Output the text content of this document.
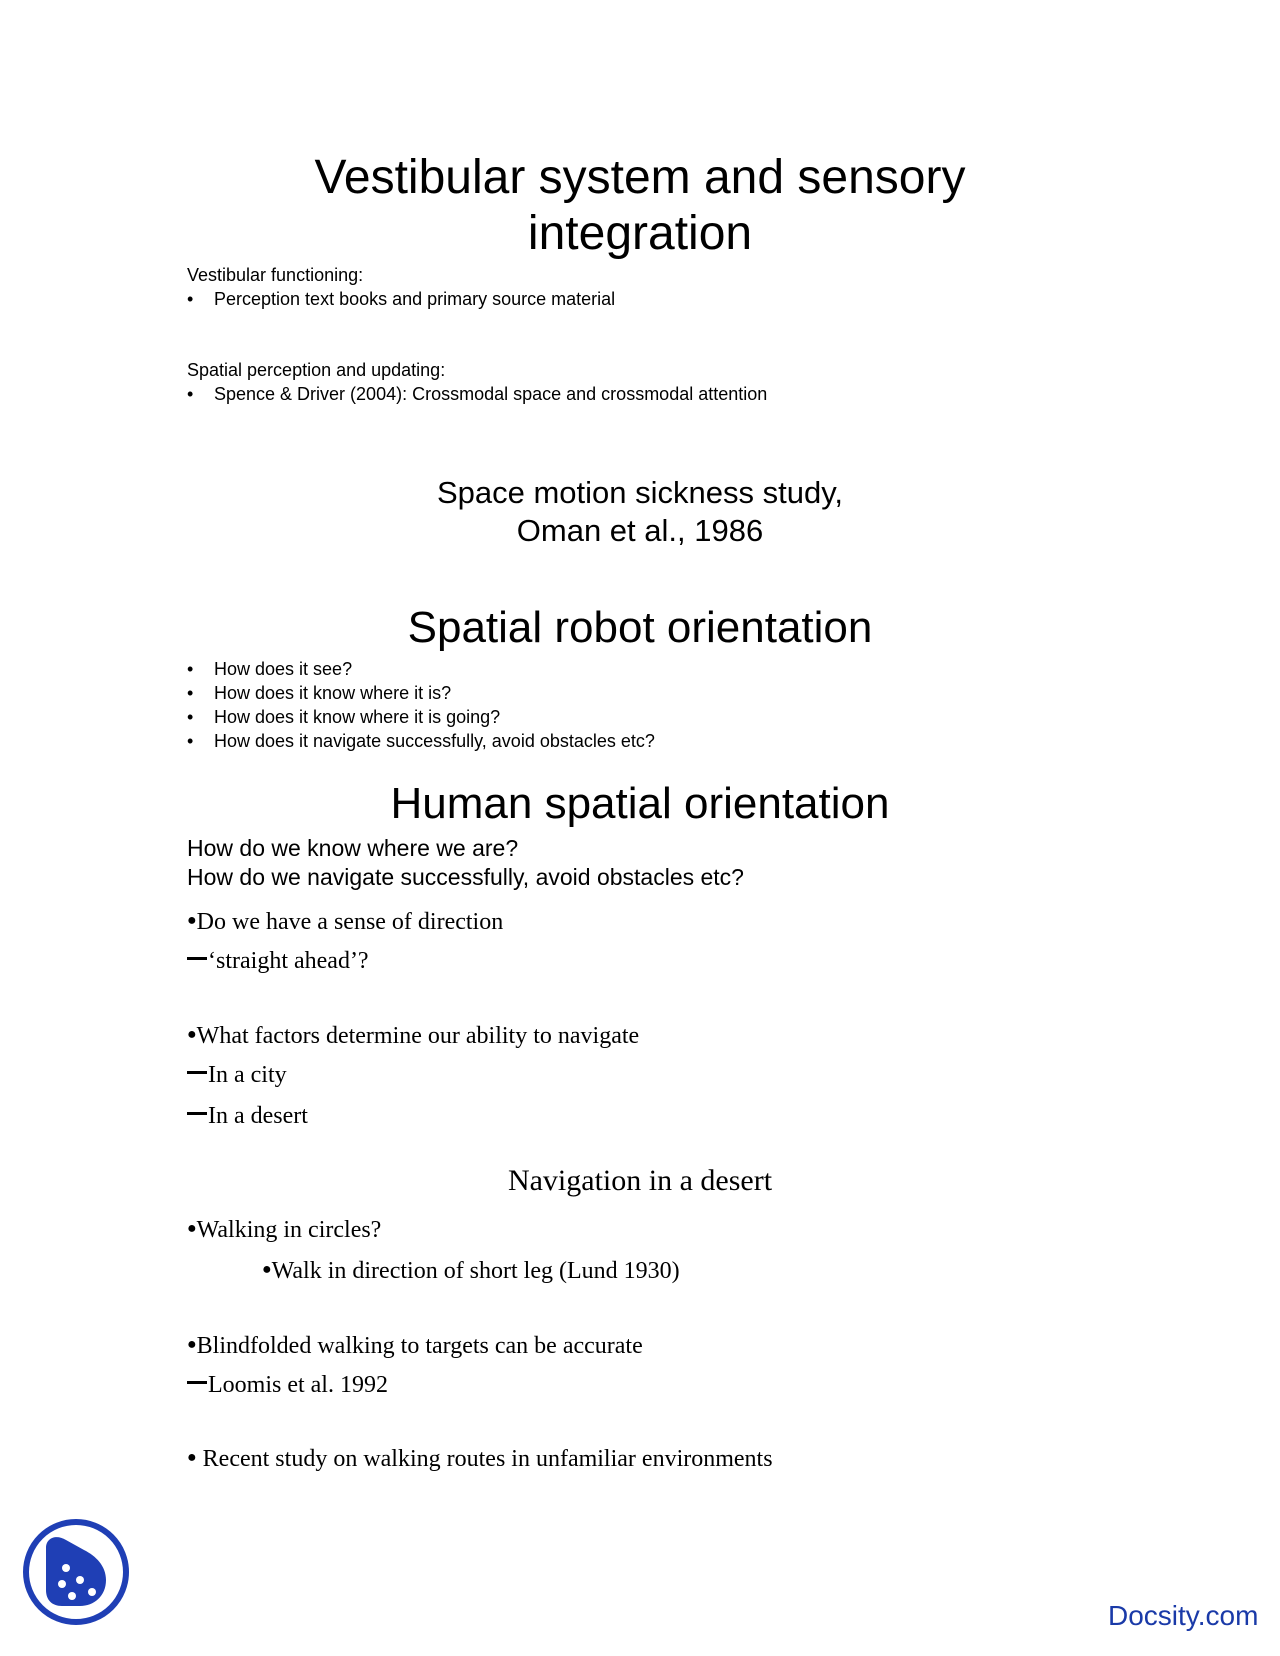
Vestibular system and sensory
integration
Vestibular functioning:
• Perception text books and primary source material
Spatial perception and updating:
• Spence & Driver (2004): Crossmodal space and crossmodal attention
Space motion sickness study,
Oman et al., 1986
Spatial robot orientation
• How does it see?
• How does it know where it is?
• How does it know where it is going?
• How does it navigate successfully, avoid obstacles etc?
Human spatial orientation
How do we know where we are?
How do we navigate successfully, avoid obstacles etc?
●Do we have a sense of direction
‘straight ahead’?
●What factors determine our ability to navigate
In a city
In a desert
Navigation in a desert
●Walking in circles?
●Walk in direction of short leg (Lund 1930)
●Blindfolded walking to targets can be accurate
Loomis et al. 1992
● Recent study on walking routes in unfamiliar environments
Docsity.com
